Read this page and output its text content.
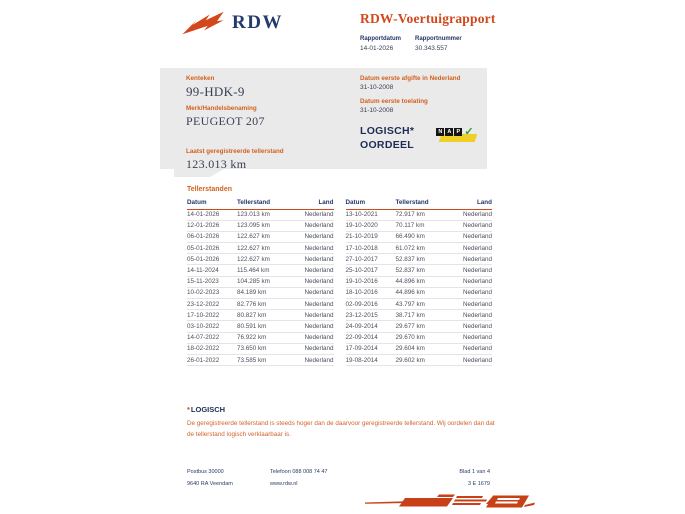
RDW	RDW-Voertuigrapport
Rapportdatum
14-01-2026
Rapportnummer
30.343.557
Kenteken
99-HDK-9
Merk/Handelsbenaming
PEUGEOT 207
Laatst geregistreerde tellerstand
123.013 km
Datum eerste afgifte in Nederland
31-10-2008
Datum eerste toelating
31-10-2008
LOGISCH*
OORDEEL
N A P ✓
Tellerstanden
Datum	Tellerstand	Land
14-01-2026	123.013 km	Nederland
12-01-2026	123.095 km	Nederland
06-01-2026	122.627 km	Nederland
05-01-2026	122.627 km	Nederland
05-01-2026	122.627 km	Nederland
14-11-2024	115.464 km	Nederland
15-11-2023	104.285 km	Nederland
10-02-2023	84.189 km	Nederland
23-12-2022	82.776 km	Nederland
17-10-2022	80.827 km	Nederland
03-10-2022	80.591 km	Nederland
14-07-2022	76.922 km	Nederland
18-02-2022	73.650 km	Nederland
26-01-2022	73.585 km	Nederland
Datum	Tellerstand	Land
13-10-2021	72.917 km	Nederland
19-10-2020	70.117 km	Nederland
21-10-2019	66.490 km	Nederland
17-10-2018	61.072 km	Nederland
27-10-2017	52.837 km	Nederland
25-10-2017	52.837 km	Nederland
19-10-2016	44.896 km	Nederland
18-10-2016	44.896 km	Nederland
02-09-2016	43.797 km	Nederland
23-12-2015	38.717 km	Nederland
24-09-2014	29.677 km	Nederland
22-09-2014	29.670 km	Nederland
17-09-2014	29.604 km	Nederland
19-08-2014	29.602 km	Nederland
*LOGISCH
De geregistreerde tellerstand is steeds hoger dan de daarvoor geregistreerde tellerstand. Wij oordelen dan dat de tellerstand logisch verklaarbaar is.
Postbus 30000
9640 RA Veendam
Telefoon 088 008 74 47
www.rdw.nl
Blad 1 van 4
3 E 1679
